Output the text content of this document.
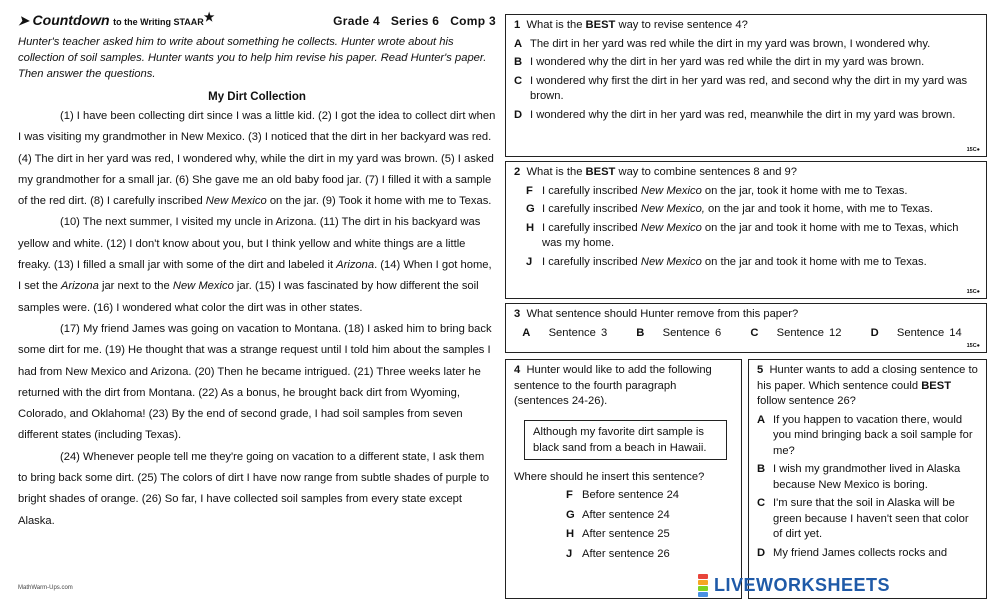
➤ Countdown to the Writing STAAR★	Grade 4 Series 6 Comp 3
Hunter's teacher asked him to write about something he collects. Hunter wrote about his collection of soil samples. Hunter wants you to help him revise his paper. Read Hunter's paper. Then answer the questions.
My Dirt Collection

(1) I have been collecting dirt since I was a little kid. (2) I got the idea to collect dirt when I was visiting my grandmother in New Mexico. (3) I noticed that the dirt in her backyard was red. (4) The dirt in her yard was red, I wondered why, while the dirt in my yard was brown. (5) I asked my grandmother for a small jar. (6) She gave me an old baby food jar. (7) I filled it with a sample of the red dirt. (8) I carefully inscribed New Mexico on the jar. (9) Took it home with me to Texas.

(10) The next summer, I visited my uncle in Arizona. (11) The dirt in his backyard was yellow and white. (12) I don't know about you, but I think yellow and white things are a little freaky. (13) I filled a small jar with some of the dirt and labeled it Arizona. (14) When I got home, I set the Arizona jar next to the New Mexico jar. (15) I was fascinated by how different the soil samples were. (16) I wondered what color the dirt was in other states.

(17) My friend James was going on vacation to Montana. (18) I asked him to bring back some dirt for me. (19) He thought that was a strange request until I told him about the samples I had from New Mexico and Arizona. (20) Then he became intrigued. (21) Three weeks later he returned with the dirt from Montana. (22) As a bonus, he brought back dirt from Wyoming, Colorado, and Oklahoma! (23) By the end of second grade, I had soil samples from seven different states (including Texas).

(24) Whenever people tell me they're going on vacation to a different state, I ask them to bring back some dirt. (25) The colors of dirt I have now range from subtle shades of purple to bright shades of orange. (26) So far, I have collected soil samples from every state except Alaska.

MathWarm-Ups.com
1 What is the BEST way to revise sentence 4?
A The dirt in her yard was red while the dirt in my yard was brown, I wondered why.
B I wondered why the dirt in her yard was red while the dirt in my yard was brown.
C I wondered why first the dirt in her yard was red, and second why the dirt in my yard was brown.
D I wondered why the dirt in her yard was red, meanwhile the dirt in my yard was brown.
15C●
2 What is the BEST way to combine sentences 8 and 9?
F I carefully inscribed New Mexico on the jar, took it home with me to Texas.
G I carefully inscribed New Mexico, on the jar and took it home, with me to Texas.
H I carefully inscribed New Mexico on the jar and took it home with me to Texas, which was my home.
J I carefully inscribed New Mexico on the jar and took it home with me to Texas.
15C●
3 What sentence should Hunter remove from this paper?
A Sentence 3	B Sentence 6	C Sentence 12	D Sentence 14
15C●
4 Hunter would like to add the following sentence to the fourth paragraph (sentences 24-26).
Although my favorite dirt sample is black sand from a beach in Hawaii.
Where should he insert this sentence?
F Before sentence 24
G After sentence 24
H After sentence 25
J After sentence 26
5 Hunter wants to add a closing sentence to his paper. Which sentence could BEST follow sentence 26?
A If you happen to vacation there, would you mind bringing back a soil sample for me?
B I wish my grandmother lived in Alaska because New Mexico is boring.
C I'm sure that the soil in Alaska will be green because I haven't seen that color of dirt yet.
D My friend James collects rocks and
LIVEWORKSHEETS
